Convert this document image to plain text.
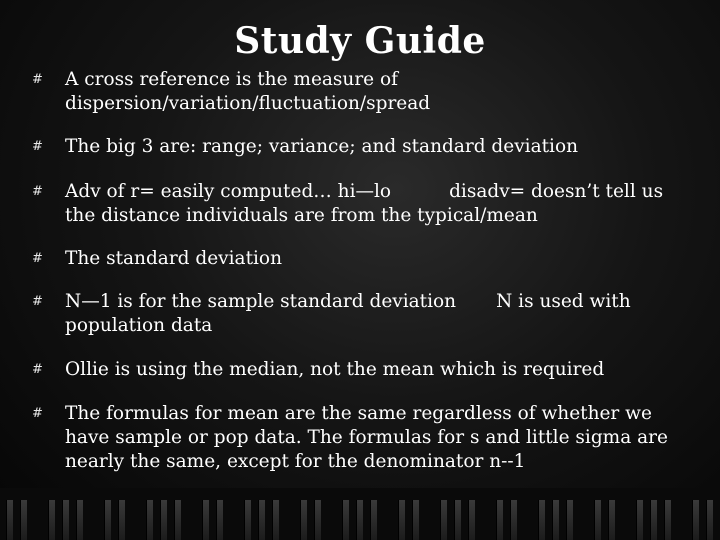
Study Guide
#	A cross reference is the measure of
dispersion/variation/fluctuation/spread
#	The big 3 are: range; variance; and standard deviation
#	Adv of r= easily computed… hi—lo	disadv= doesn’t tell us
the distance individuals are from the typical/mean
#	The standard deviation
#	N—1 is for the sample standard deviation N is used with
population data
#	Ollie is using the median, not the mean which is required
#	The formulas for mean are the same regardless of whether we
have sample or pop data. The formulas for s and little sigma are
nearly the same, except for the denominator n--1
